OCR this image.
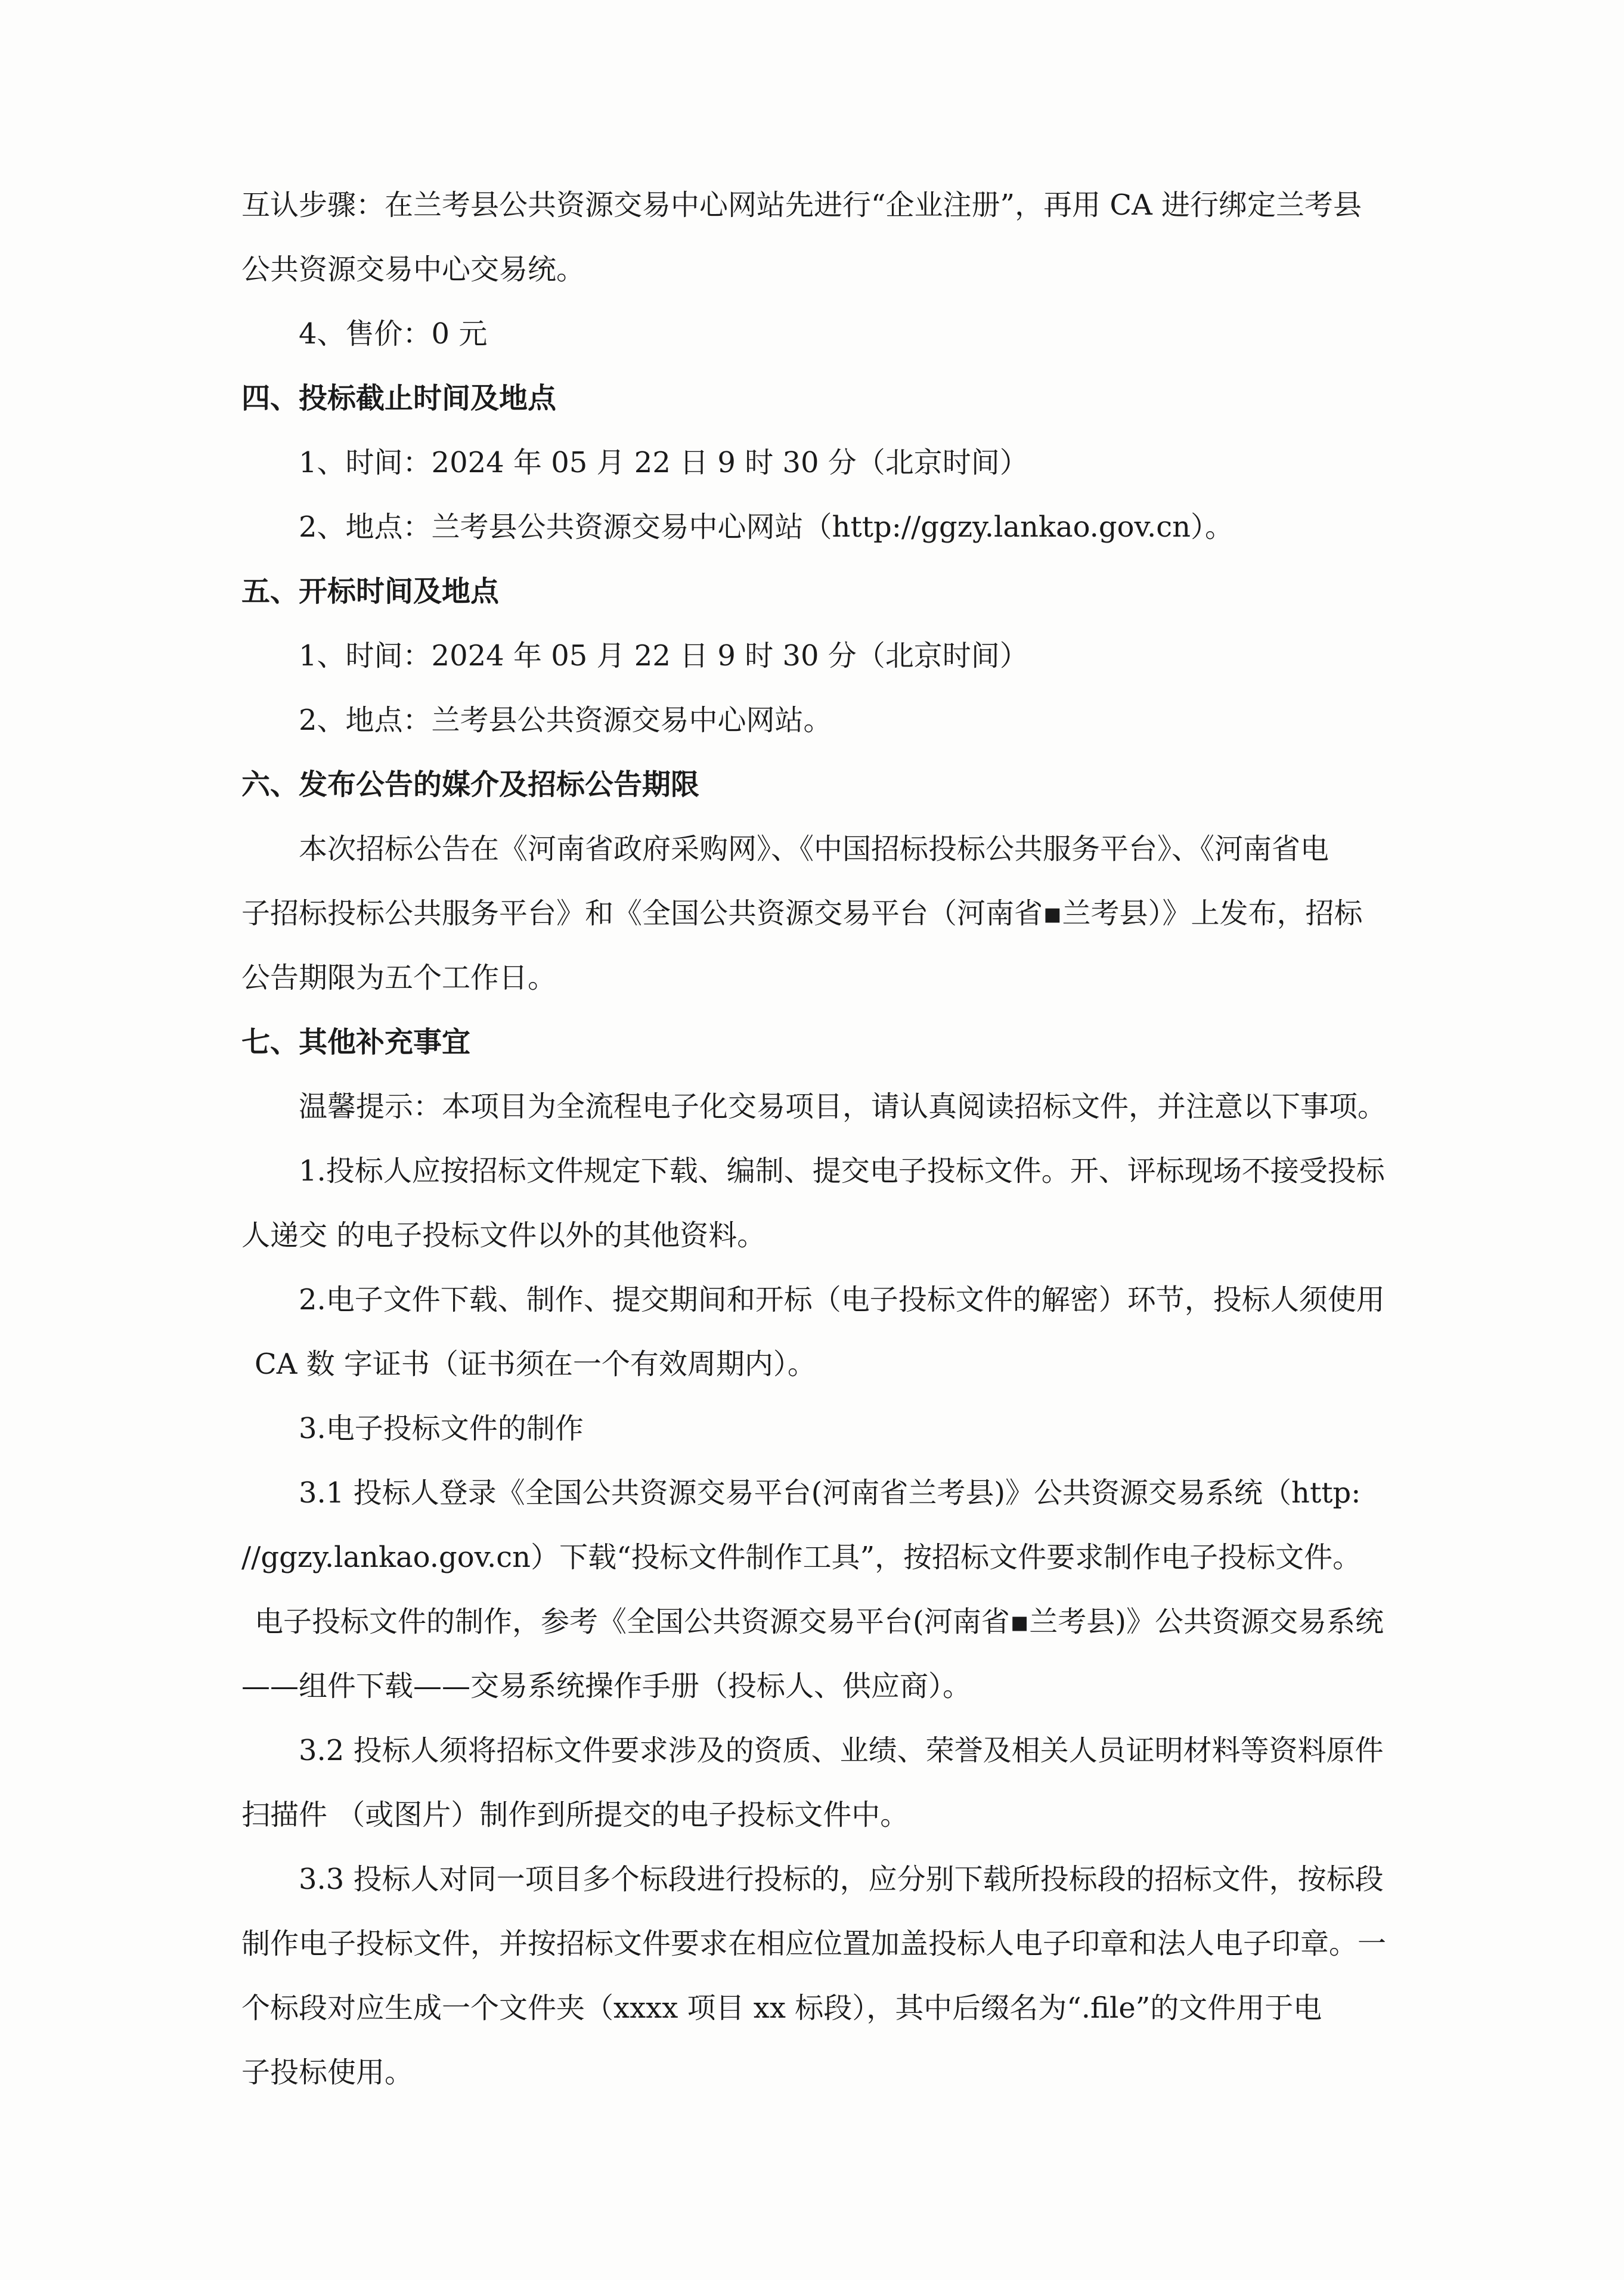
互认步骤：在兰考县公共资源交易中心网站先进行“企业注册”，再用 CA 进行绑定兰考县
公共资源交易中心交易统。
4、售价：0 元
四、投标截止时间及地点
1、时间：2024 年 05 月 22 日 9 时 30 分（北京时间）
2、地点：兰考县公共资源交易中心网站（http://ggzy.lankao.gov.cn）。
五、开标时间及地点
1、时间：2024 年 05 月 22 日 9 时 30 分（北京时间）
2、地点：兰考县公共资源交易中心网站。
六、发布公告的媒介及招标公告期限
本次招标公告在《河南省政府采购网》、《中国招标投标公共服务平台》、《河南省电
子招标投标公共服务平台》和《全国公共资源交易平台（河南省▪兰考县）》上发布，招标
公告期限为五个工作日。
七、其他补充事宜
温馨提示：本项目为全流程电子化交易项目，请认真阅读招标文件，并注意以下事项。
1.投标人应按招标文件规定下载、编制、提交电子投标文件。开、评标现场不接受投标
人递交 的电子投标文件以外的其他资料。
2.电子文件下载、制作、提交期间和开标（电子投标文件的解密）环节，投标人须使用
CA 数 字证书（证书须在一个有效周期内）。
3.电子投标文件的制作
3.1 投标人登录《全国公共资源交易平台(河南省兰考县)》公共资源交易系统（http:
//ggzy.lankao.gov.cn）下载“投标文件制作工具”，按招标文件要求制作电子投标文件。
电子投标文件的制作，参考《全国公共资源交易平台(河南省▪兰考县)》公共资源交易系统
——组件下载——交易系统操作手册（投标人、供应商）。
3.2 投标人须将招标文件要求涉及的资质、业绩、荣誉及相关人员证明材料等资料原件
扫描件 （或图片）制作到所提交的电子投标文件中。
3.3 投标人对同一项目多个标段进行投标的，应分别下载所投标段的招标文件，按标段
制作电子投标文件，并按招标文件要求在相应位置加盖投标人电子印章和法人电子印章。一
个标段对应生成一个文件夹（xxxx 项目 xx 标段），其中后缀名为“.file”的文件用于电
子投标使用。
